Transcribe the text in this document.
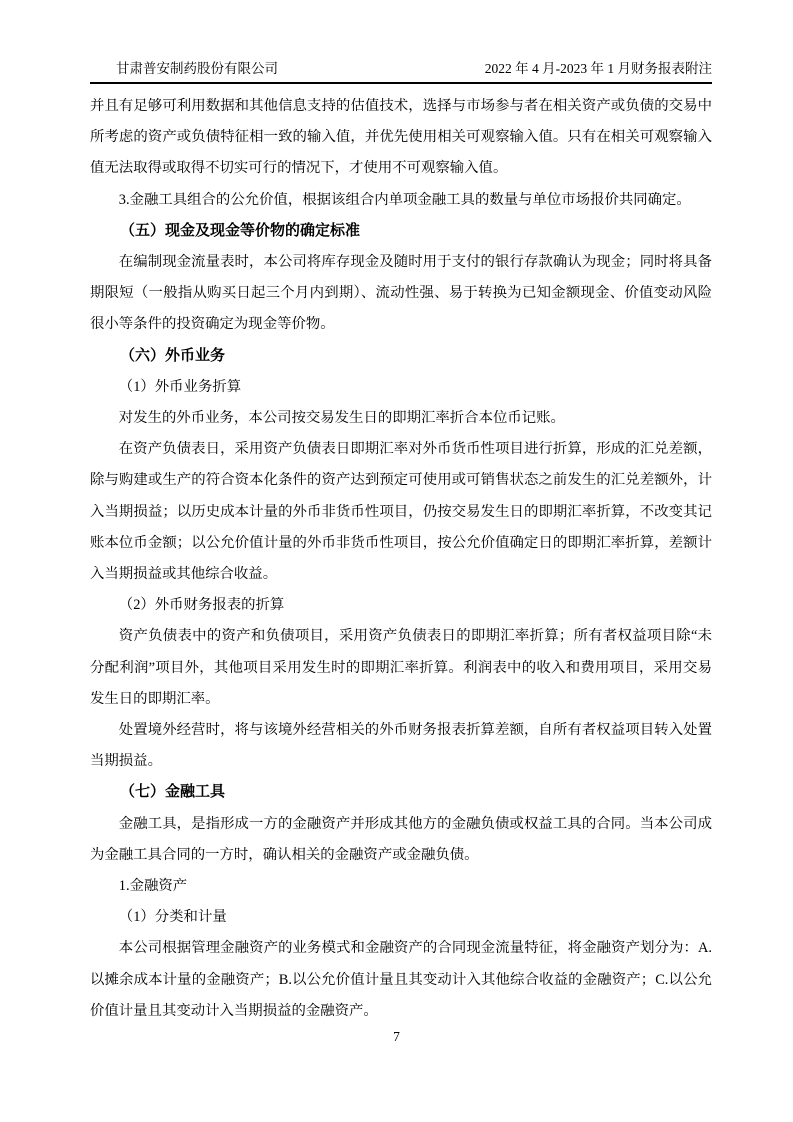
甘肃普安制药股份有限公司	2022 年 4 月-2023 年 1 月财务报表附注

并且有足够可利用数据和其他信息支持的估值技术，选择与市场参与者在相关资产或负债的交易中所考虑的资产或负债特征相一致的输入值，并优先使用相关可观察输入值。只有在相关可观察输入值无法取得或取得不切实可行的情况下，才使用不可观察输入值。

3.金融工具组合的公允价值，根据该组合内单项金融工具的数量与单位市场报价共同确定。

（五）现金及现金等价物的确定标准

在编制现金流量表时，本公司将库存现金及随时用于支付的银行存款确认为现金；同时将具备期限短（一般指从购买日起三个月内到期）、流动性强、易于转换为已知金额现金、价值变动风险很小等条件的投资确定为现金等价物。

（六）外币业务

（1）外币业务折算

对发生的外币业务，本公司按交易发生日的即期汇率折合本位币记账。

在资产负债表日，采用资产负债表日即期汇率对外币货币性项目进行折算，形成的汇兑差额，除与购建或生产的符合资本化条件的资产达到预定可使用或可销售状态之前发生的汇兑差额外，计入当期损益；以历史成本计量的外币非货币性项目，仍按交易发生日的即期汇率折算，不改变其记账本位币金额；以公允价值计量的外币非货币性项目，按公允价值确定日的即期汇率折算，差额计入当期损益或其他综合收益。

（2）外币财务报表的折算

资产负债表中的资产和负债项目，采用资产负债表日的即期汇率折算；所有者权益项目除“未分配利润”项目外，其他项目采用发生时的即期汇率折算。利润表中的收入和费用项目，采用交易发生日的即期汇率。

处置境外经营时，将与该境外经营相关的外币财务报表折算差额，自所有者权益项目转入处置当期损益。

（七）金融工具

金融工具，是指形成一方的金融资产并形成其他方的金融负债或权益工具的合同。当本公司成为金融工具合同的一方时，确认相关的金融资产或金融负债。

1.金融资产

（1）分类和计量

本公司根据管理金融资产的业务模式和金融资产的合同现金流量特征，将金融资产划分为：A.以摊余成本计量的金融资产；B.以公允价值计量且其变动计入其他综合收益的金融资产；C.以公允价值计量且其变动计入当期损益的金融资产。

7
